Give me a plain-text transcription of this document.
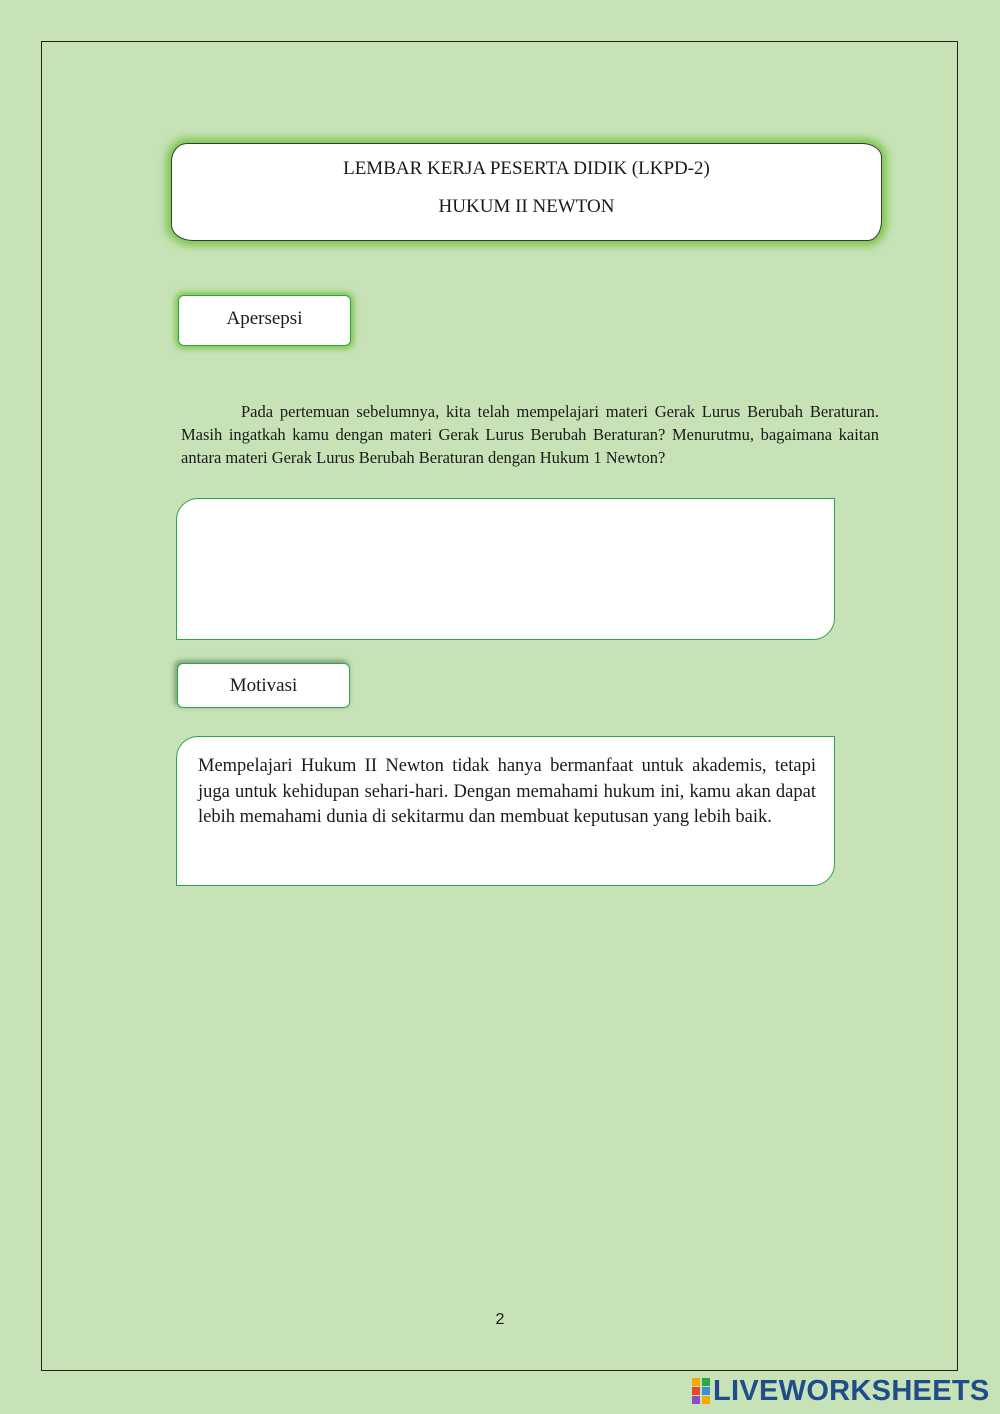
LEMBAR KERJA PESERTA DIDIK (LKPD-2)
HUKUM II NEWTON
Apersepsi

Pada pertemuan sebelumnya, kita telah mempelajari materi Gerak Lurus Berubah Beraturan. Masih ingatkah kamu dengan materi Gerak Lurus Berubah Beraturan? Menurutmu, bagaimana kaitan antara materi Gerak Lurus Berubah Beraturan dengan Hukum 1 Newton?

Motivasi

Mempelajari Hukum II Newton tidak hanya bermanfaat untuk akademis, tetapi juga untuk kehidupan sehari-hari. Dengan memahami hukum ini, kamu akan dapat lebih memahami dunia di sekitarmu dan membuat keputusan yang lebih baik.

2
LIVEWORKSHEETS
